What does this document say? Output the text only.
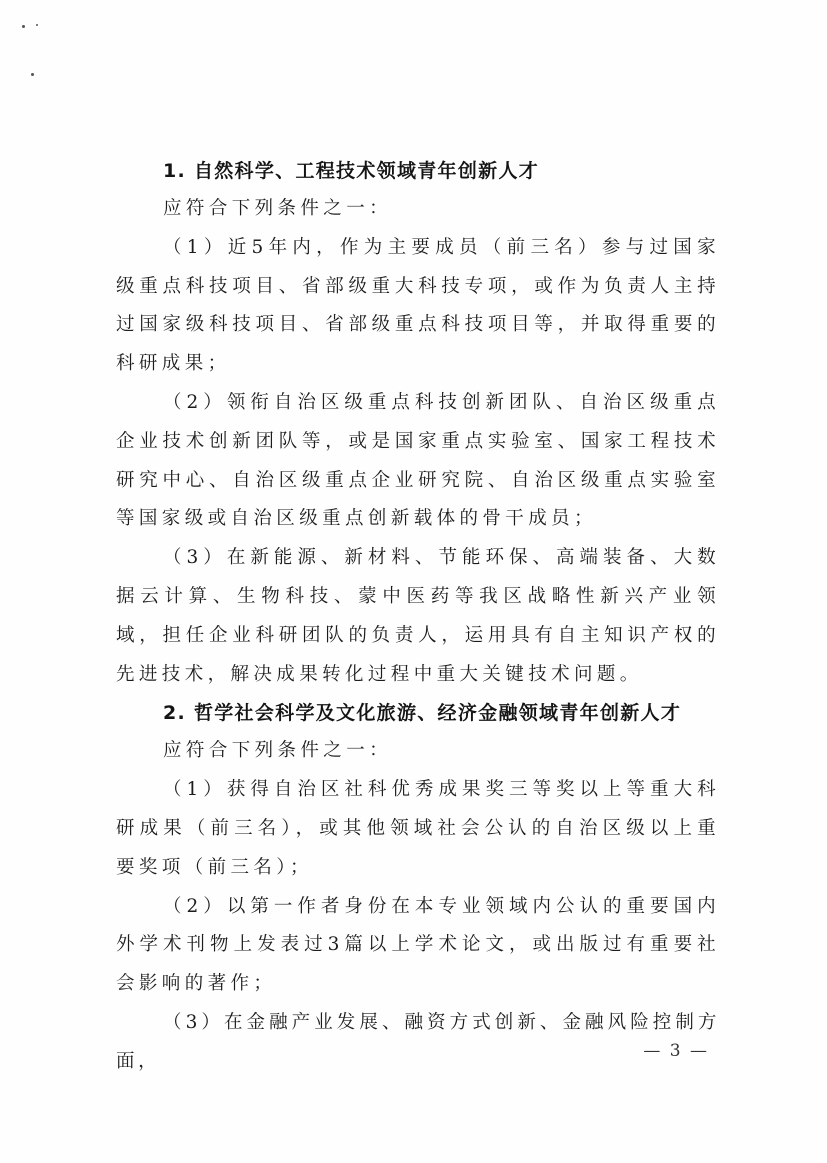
1. 自然科学、工程技术领域青年创新人才

应符合下列条件之一：

（1）近5年内，作为主要成员（前三名）参与过国家级重点科技项目、省部级重大科技专项，或作为负责人主持过国家级科技项目、省部级重点科技项目等，并取得重要的科研成果；

（2）领衔自治区级重点科技创新团队、自治区级重点企业技术创新团队等，或是国家重点实验室、国家工程技术研究中心、自治区级重点企业研究院、自治区级重点实验室等国家级或自治区级重点创新载体的骨干成员；

（3）在新能源、新材料、节能环保、高端装备、大数据云计算、生物科技、蒙中医药等我区战略性新兴产业领域，担任企业科研团队的负责人，运用具有自主知识产权的先进技术，解决成果转化过程中重大关键技术问题。

2. 哲学社会科学及文化旅游、经济金融领域青年创新人才

应符合下列条件之一：

（1）获得自治区社科优秀成果奖三等奖以上等重大科研成果（前三名），或其他领域社会公认的自治区级以上重要奖项（前三名）；

（2）以第一作者身份在本专业领域内公认的重要国内外学术刊物上发表过3篇以上学术论文，或出版过有重要社会影响的著作；

（3）在金融产业发展、融资方式创新、金融风险控制方面，	— 3 —
